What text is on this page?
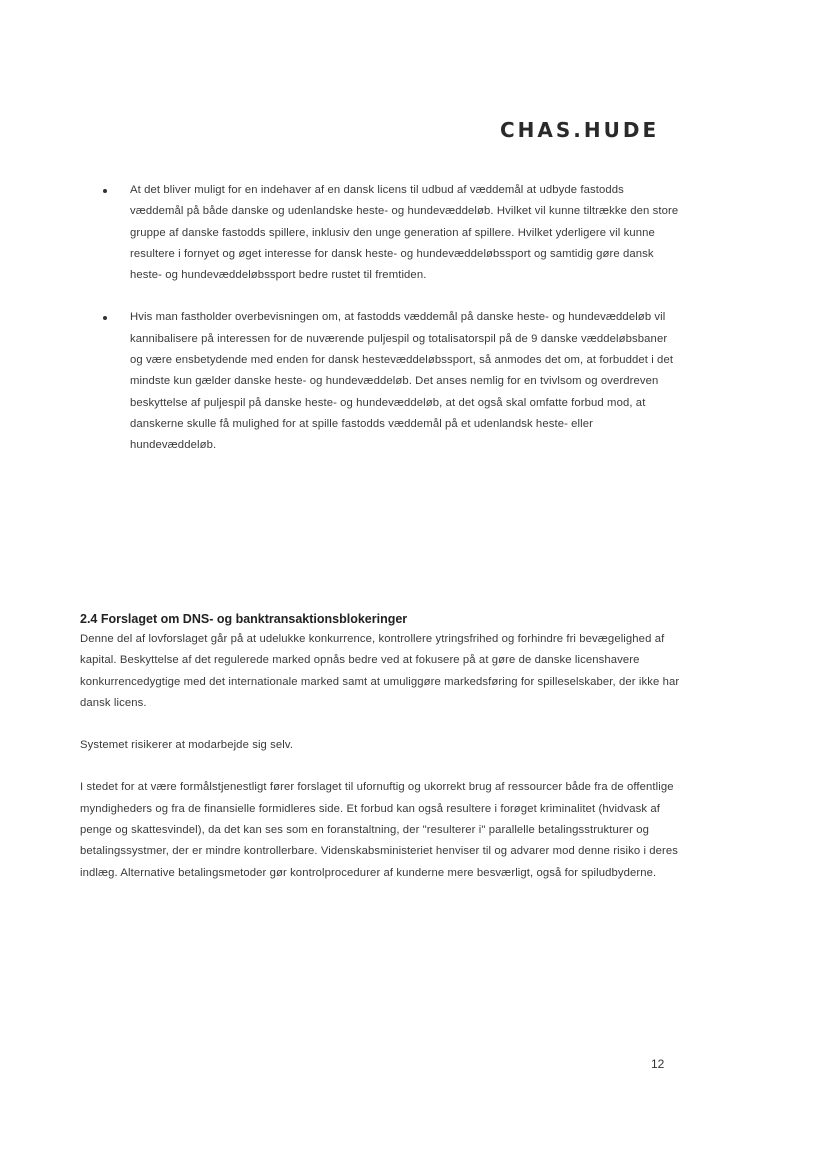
CHAS.HUDE
At det bliver muligt for en indehaver af en dansk licens til udbud af væddemål at udbyde fastodds væddemål på både danske og udenlandske heste- og hundevæddeløb. Hvilket vil kunne tiltrække den store gruppe af danske fastodds spillere, inklusiv den unge generation af spillere. Hvilket yderligere vil kunne resultere i fornyet og øget interesse for dansk heste- og hundevæddeløbssport og samtidig gøre dansk heste- og hundevæddeløbssport bedre rustet til fremtiden.
Hvis man fastholder overbevisningen om, at fastodds væddemål på danske heste- og hundevæddeløb vil kannibalisere på interessen for de nuværende puljespil og totalisatorspil på de 9 danske væddeløbsbaner og være ensbetydende med enden for dansk hestevæddeløbssport, så anmodes det om, at forbuddet i det mindste kun gælder danske heste- og hundevæddeløb. Det anses nemlig for en tvivlsom og overdreven beskyttelse af puljespil på danske heste- og hundevæddeløb, at det også skal omfatte forbud mod, at danskerne skulle få mulighed for at spille fastodds væddemål på et udenlandsk heste- eller hundevæddeløb.
2.4 Forslaget om DNS- og banktransaktionsblokeringer

Denne del af lovforslaget går på at udelukke konkurrence, kontrollere ytringsfrihed og forhindre fri bevægelighed af kapital. Beskyttelse af det regulerede marked opnås bedre ved at fokusere på at gøre de danske licenshavere konkurrencedygtige med det internationale marked samt at umuliggøre markedsføring for spilleselskaber, der ikke har dansk licens.

Systemet risikerer at modarbejde sig selv.

I stedet for at være formålstjenestligt fører forslaget til ufornuftig og ukorrekt brug af ressourcer både fra de offentlige myndigheders og fra de finansielle formidleres side. Et forbud kan også resultere i forøget kriminalitet (hvidvask af penge og skattesvindel), da det kan ses som en foranstaltning, der "resulterer i" parallelle betalingsstrukturer og betalingssystmer, der er mindre kontrollerbare. Videnskabsministeriet henviser til og advarer mod denne risiko i deres indlæg. Alternative betalingsmetoder gør kontrolprocedurer af kunderne mere besværligt, også for spiludbyderne.

12
